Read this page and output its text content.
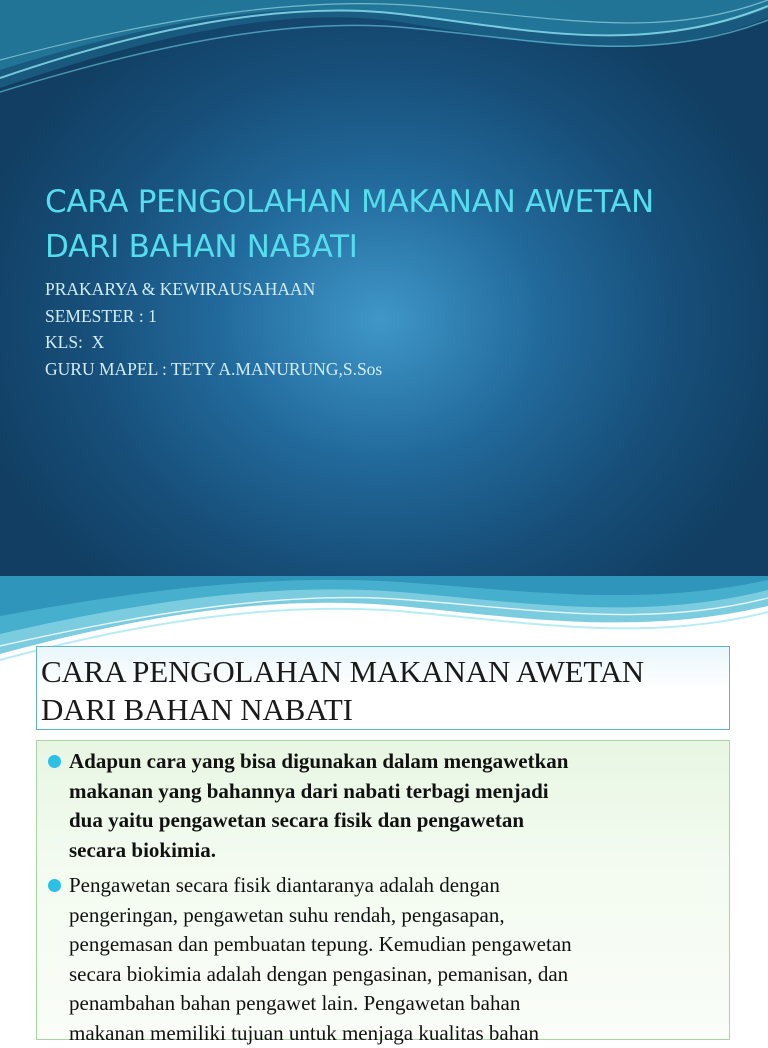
CARA PENGOLAHAN MAKANAN AWETAN
DARI BAHAN NABATI
PRAKARYA & KEWIRAUSAHAAN
SEMESTER : 1
KLS:  X
GURU MAPEL : TETY A.MANURUNG,S.Sos
CARA PENGOLAHAN MAKANAN AWETAN
DARI BAHAN NABATI
Adapun cara yang bisa digunakan dalam mengawetkan
makanan yang bahannya dari nabati terbagi menjadi
dua yaitu pengawetan secara fisik dan pengawetan
secara biokimia.
Pengawetan secara fisik diantaranya adalah dengan
pengeringan, pengawetan suhu rendah, pengasapan,
pengemasan dan pembuatan tepung. Kemudian pengawetan
secara biokimia adalah dengan pengasinan, pemanisan, dan
penambahan bahan pengawet lain. Pengawetan bahan
makanan memiliki tujuan untuk menjaga kualitas bahan
